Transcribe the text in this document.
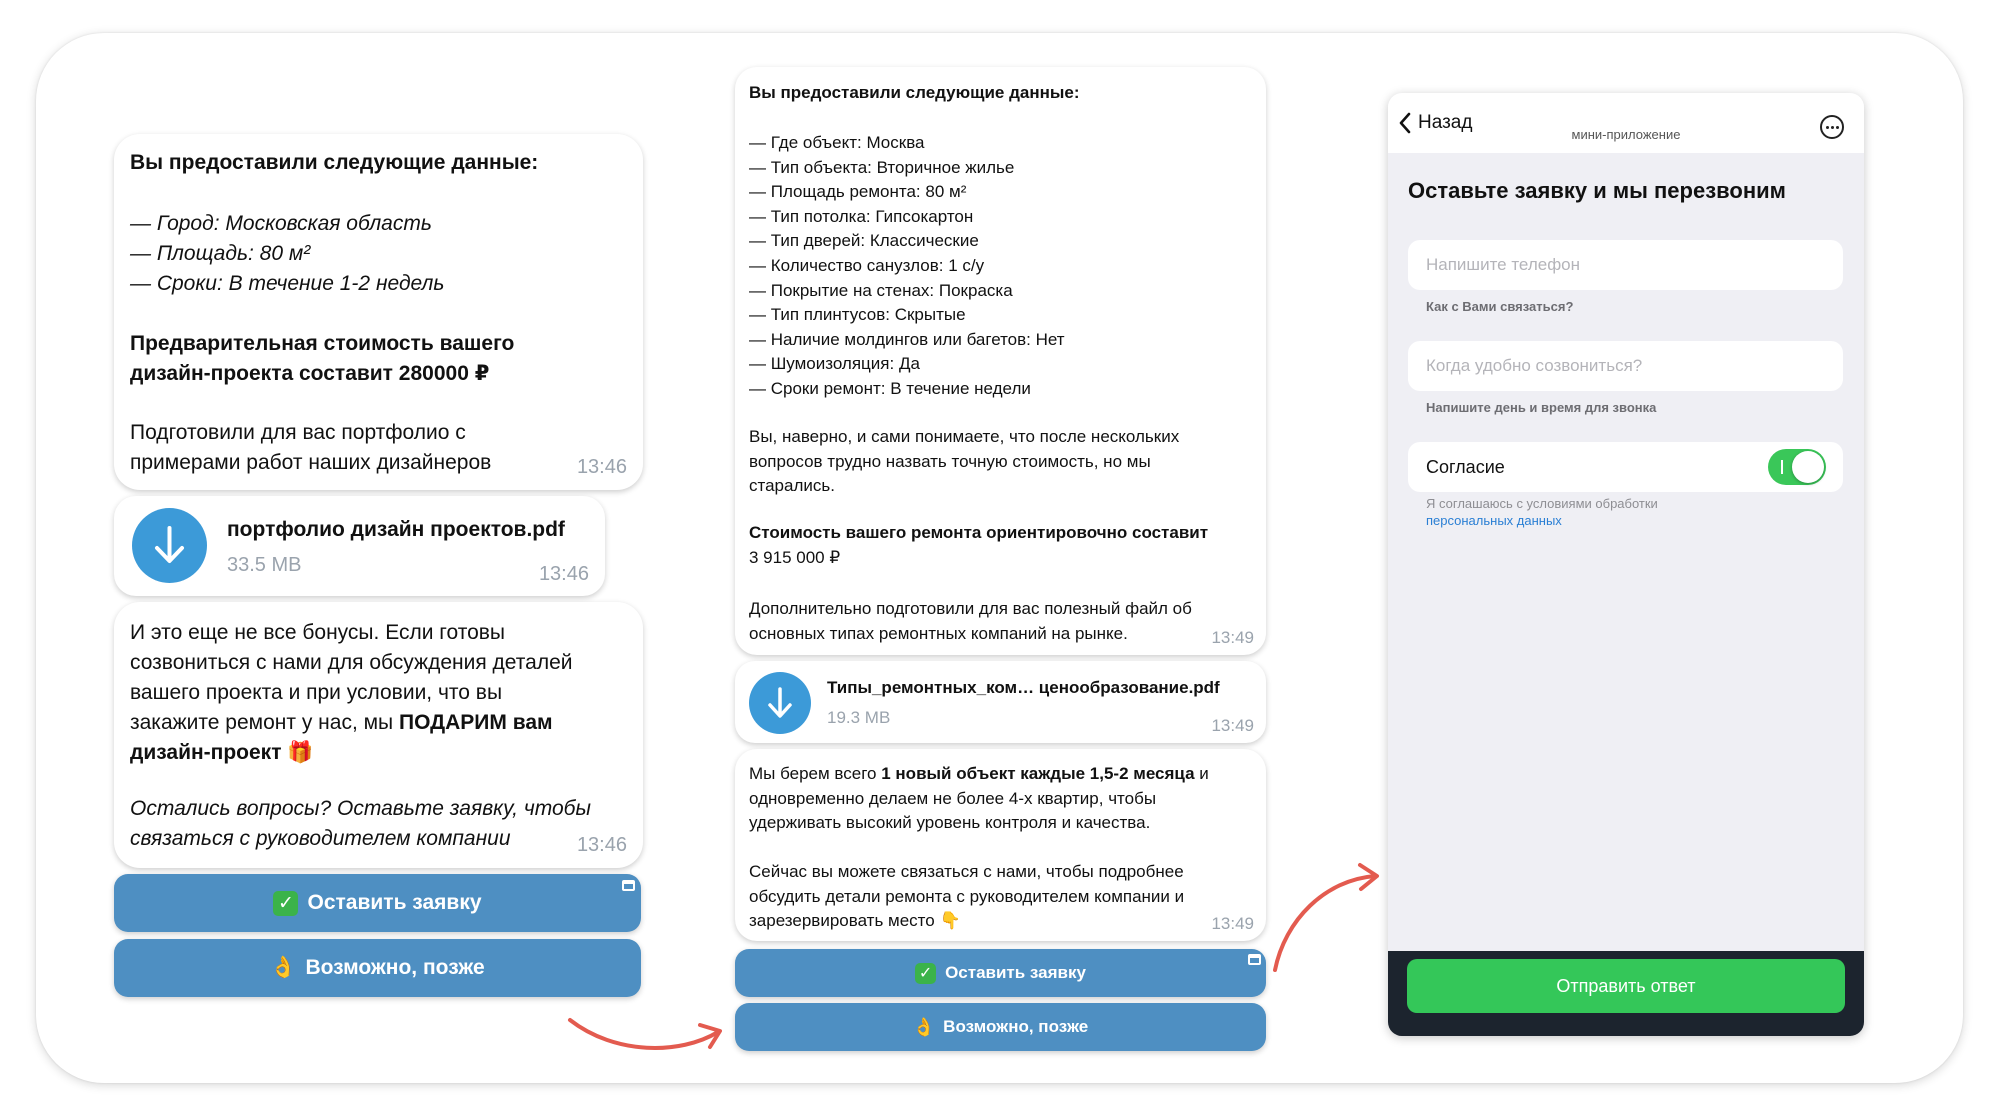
Вы предоставили следующие данные:
— Город: Московская область
— Площадь: 80 м²
— Сроки: В течение 1-2 недель
Предварительная стоимость вашего
дизайн-проекта составит 280000 ₽
Подготовили для вас портфолио с
примерами работ наших дизайнеров	13:46
портфолио дизайн проектов.pdf
33.5 MB	13:46
И это еще не все бонусы. Если готовы
созвониться с нами для обсуждения деталей
вашего проекта и при условии, что вы
закажите ремонт у нас, мы ПОДАРИМ вам
дизайн-проект 🎁
Остались вопросы? Оставьте заявку, чтобы
связаться с руководителем компании	13:46
✓ Оставить заявку
👌 Возможно, позже
Вы предоставили следующие данные:
— Где объект: Москва
— Тип объекта: Вторичное жилье
— Площадь ремонта: 80 м²
— Тип потолка: Гипсокартон
— Тип дверей: Классические
— Количество санузлов: 1 с/у
— Покрытие на стенах: Покраска
— Тип плинтусов: Скрытые
— Наличие молдингов или багетов: Нет
— Шумоизоляция: Да
— Сроки ремонт: В течение недели
Вы, наверно, и сами понимаете, что после нескольких
вопросов трудно назвать точную стоимость, но мы
старались.
Стоимость вашего ремонта ориентировочно составит
3 915 000 ₽
Дополнительно подготовили для вас полезный файл об
основных типах ремонтных компаний на рынке.	13:49
Типы_ремонтных_ком… ценообразование.pdf
19.3 MB	13:49
Мы берем всего 1 новый объект каждые 1,5-2 месяца и
одновременно делаем не более 4-х квартир, чтобы
удерживать высокий уровень контроля и качества.
Сейчас вы можете связаться с нами, чтобы подробнее
обсудить детали ремонта с руководителем компании и
зарезервировать место 👇	13:49
✓ Оставить заявку
👌 Возможно, позже
Назад
мини-приложение
Оставьте заявку и мы перезвоним
Напишите телефон
Как с Вами связаться?
Когда удобно созвониться?
Напишите день и время для звонка
Согласие
Я соглашаюсь с условиями обработки
персональных данных
Отправить ответ
